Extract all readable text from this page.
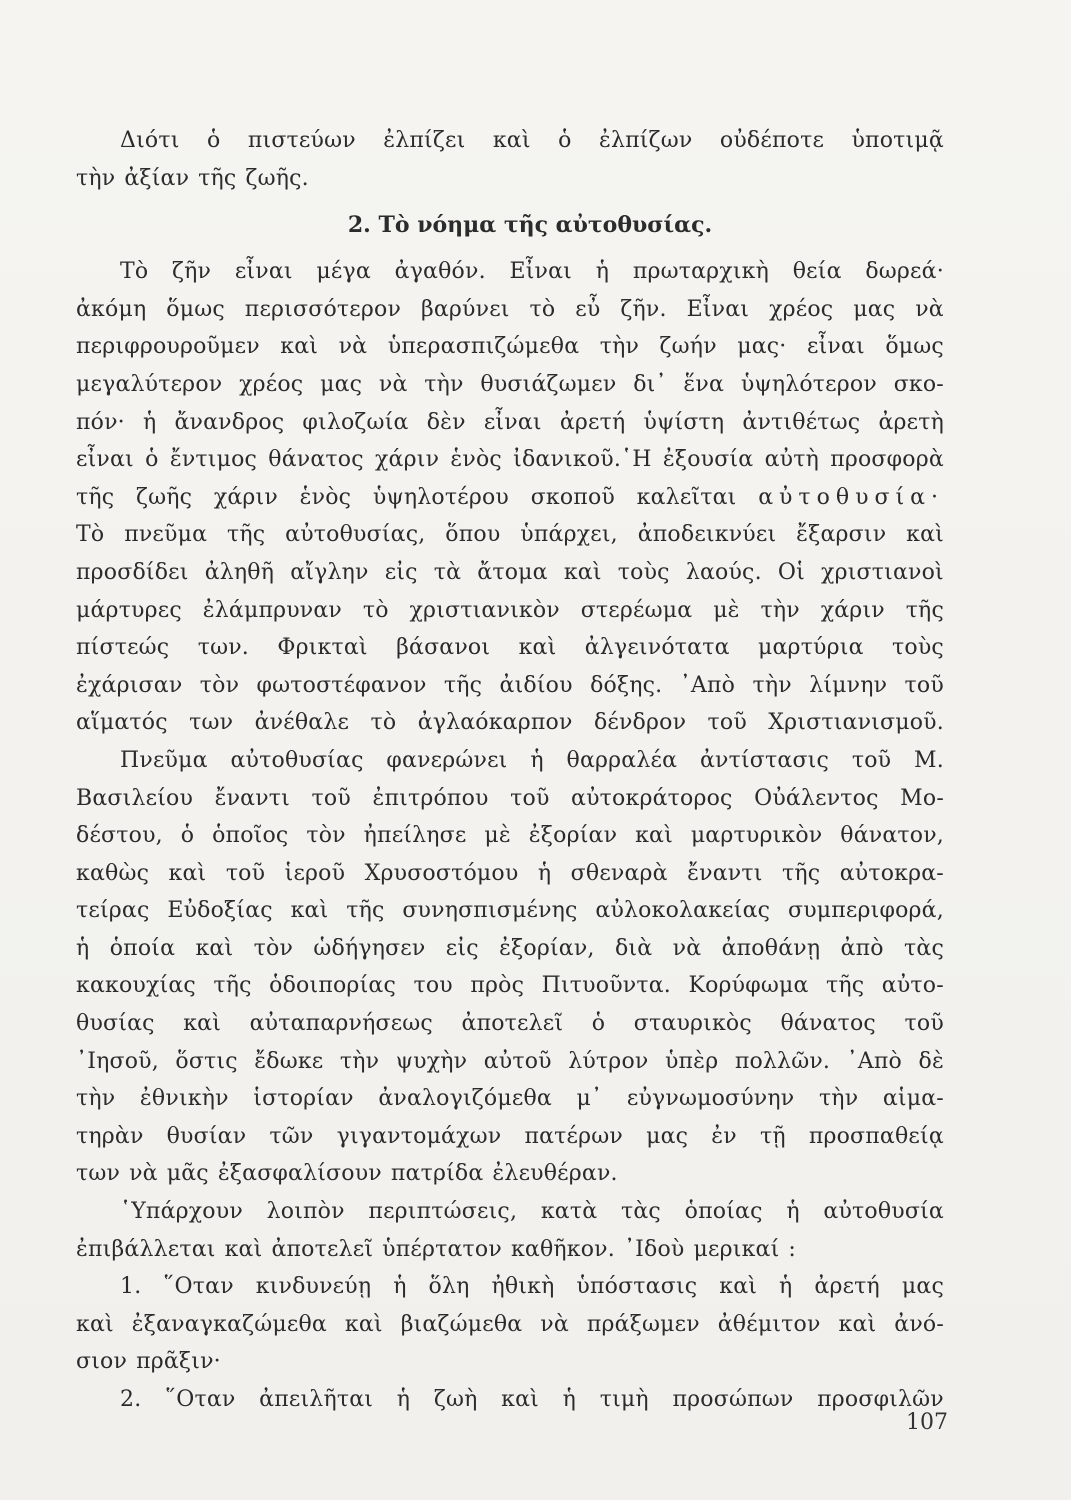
Διότι ὁ πιστεύων ἐλπίζει καὶ ὁ ἐλπίζων οὐδέποτε ὑποτιμᾷ
τὴν ἀξίαν τῆς ζωῆς.
2. Τὸ νόημα τῆς αὐτοθυσίας.
Τὸ ζῆν εἶναι μέγα ἀγαθόν. Εἶναι ἡ πρωταρχικὴ θεία δωρεά·
ἀκόμη ὅμως περισσότερον βαρύνει τὸ εὖ ζῆν. Εἶναι χρέος μας νὰ
περιφρουροῦμεν καὶ νὰ ὑπερασπιζώμεθα τὴν ζωήν μας· εἶναι ὅμως
μεγαλύτερον χρέος μας νὰ τὴν θυσιάζωμεν δι᾽ ἕνα ὑψηλότερον σκο-
πόν· ἡ ἄνανδρος φιλοζωία δὲν εἶναι ἀρετή ὑψίστη ἀντιθέτως ἀρετὴ
εἶναι ὁ ἔντιμος θάνατος χάριν ἑνὸς ἰδανικοῦ.῾Η ἐξουσία αὐτὴ προσφορὰ
τῆς ζωῆς χάριν ἑνὸς ὑψηλοτέρου σκοποῦ καλεῖται αὐτοθυσία·
Τὸ πνεῦμα τῆς αὐτοθυσίας, ὅπου ὑπάρχει, ἀποδεικνύει ἔξαρσιν καὶ
προσδίδει ἀληθῆ αἴγλην εἰς τὰ ἄτομα καὶ τοὺς λαούς. Οἱ χριστιανοὶ
μάρτυρες ἐλάμπρυναν τὸ χριστιανικὸν στερέωμα μὲ τὴν χάριν τῆς
πίστεώς των. Φρικταὶ βάσανοι καὶ ἀλγεινότατα μαρτύρια τοὺς
ἐχάρισαν τὸν φωτοστέφανον τῆς ἀιδίου δόξης. ᾿Απὸ τὴν λίμνην τοῦ
αἵματός των ἀνέθαλε τὸ ἀγλαόκαρπον δένδρον τοῦ Χριστιανισμοῦ.
Πνεῦμα αὐτοθυσίας φανερώνει ἡ θαρραλέα ἀντίστασις τοῦ Μ.
Βασιλείου ἔναντι τοῦ ἐπιτρόπου τοῦ αὐτοκράτορος Οὐάλεντος Μο-
δέστου, ὁ ὁποῖος τὸν ἠπείλησε μὲ ἐξορίαν καὶ μαρτυρικὸν θάνατον,
καθὼς καὶ τοῦ ἱεροῦ Χρυσοστόμου ἡ σθεναρὰ ἔναντι τῆς αὐτοκρα-
τείρας Εὐδοξίας καὶ τῆς συνησπισμένης αὐλοκολακείας συμπεριφορά,
ἡ ὁποία καὶ τὸν ὡδήγησεν εἰς ἐξορίαν, διὰ νὰ ἀποθάνῃ ἀπὸ τὰς
κακουχίας τῆς ὁδοιπορίας του πρὸς Πιτυοῦντα. Κορύφωμα τῆς αὐτο-
θυσίας καὶ αὐταπαρνήσεως ἀποτελεῖ ὁ σταυρικὸς θάνατος τοῦ
᾿Ιησοῦ, ὅστις ἔδωκε τὴν ψυχὴν αὐτοῦ λύτρον ὑπὲρ πολλῶν. ᾿Απὸ δὲ
τὴν ἐθνικὴν ἱστορίαν ἀναλογιζόμεθα μ᾽ εὐγνωμοσύνην τὴν αἱμα-
τηρὰν θυσίαν τῶν γιγαντομάχων πατέρων μας ἐν τῇ προσπαθείᾳ
των νὰ μᾶς ἐξασφαλίσουν πατρίδα ἐλευθέραν.
῾Υπάρχουν λοιπὸν περιπτώσεις, κατὰ τὰς ὁποίας ἡ αὐτοθυσία
ἐπιβάλλεται καὶ ἀποτελεῖ ὑπέρτατον καθῆκον. ᾿Ιδοὺ μερικαί :
1. ῞Οταν κινδυνεύῃ ἡ ὅλη ἠθικὴ ὑπόστασις καὶ ἡ ἀρετή μας
καὶ ἐξαναγκαζώμεθα καὶ βιαζώμεθα νὰ πράξωμεν ἀθέμιτον καὶ ἀνό-
σιον πρᾶξιν·
2. ῞Οταν ἀπειλῆται ἡ ζωὴ καὶ ἡ τιμὴ προσώπων προσφιλῶν
107
